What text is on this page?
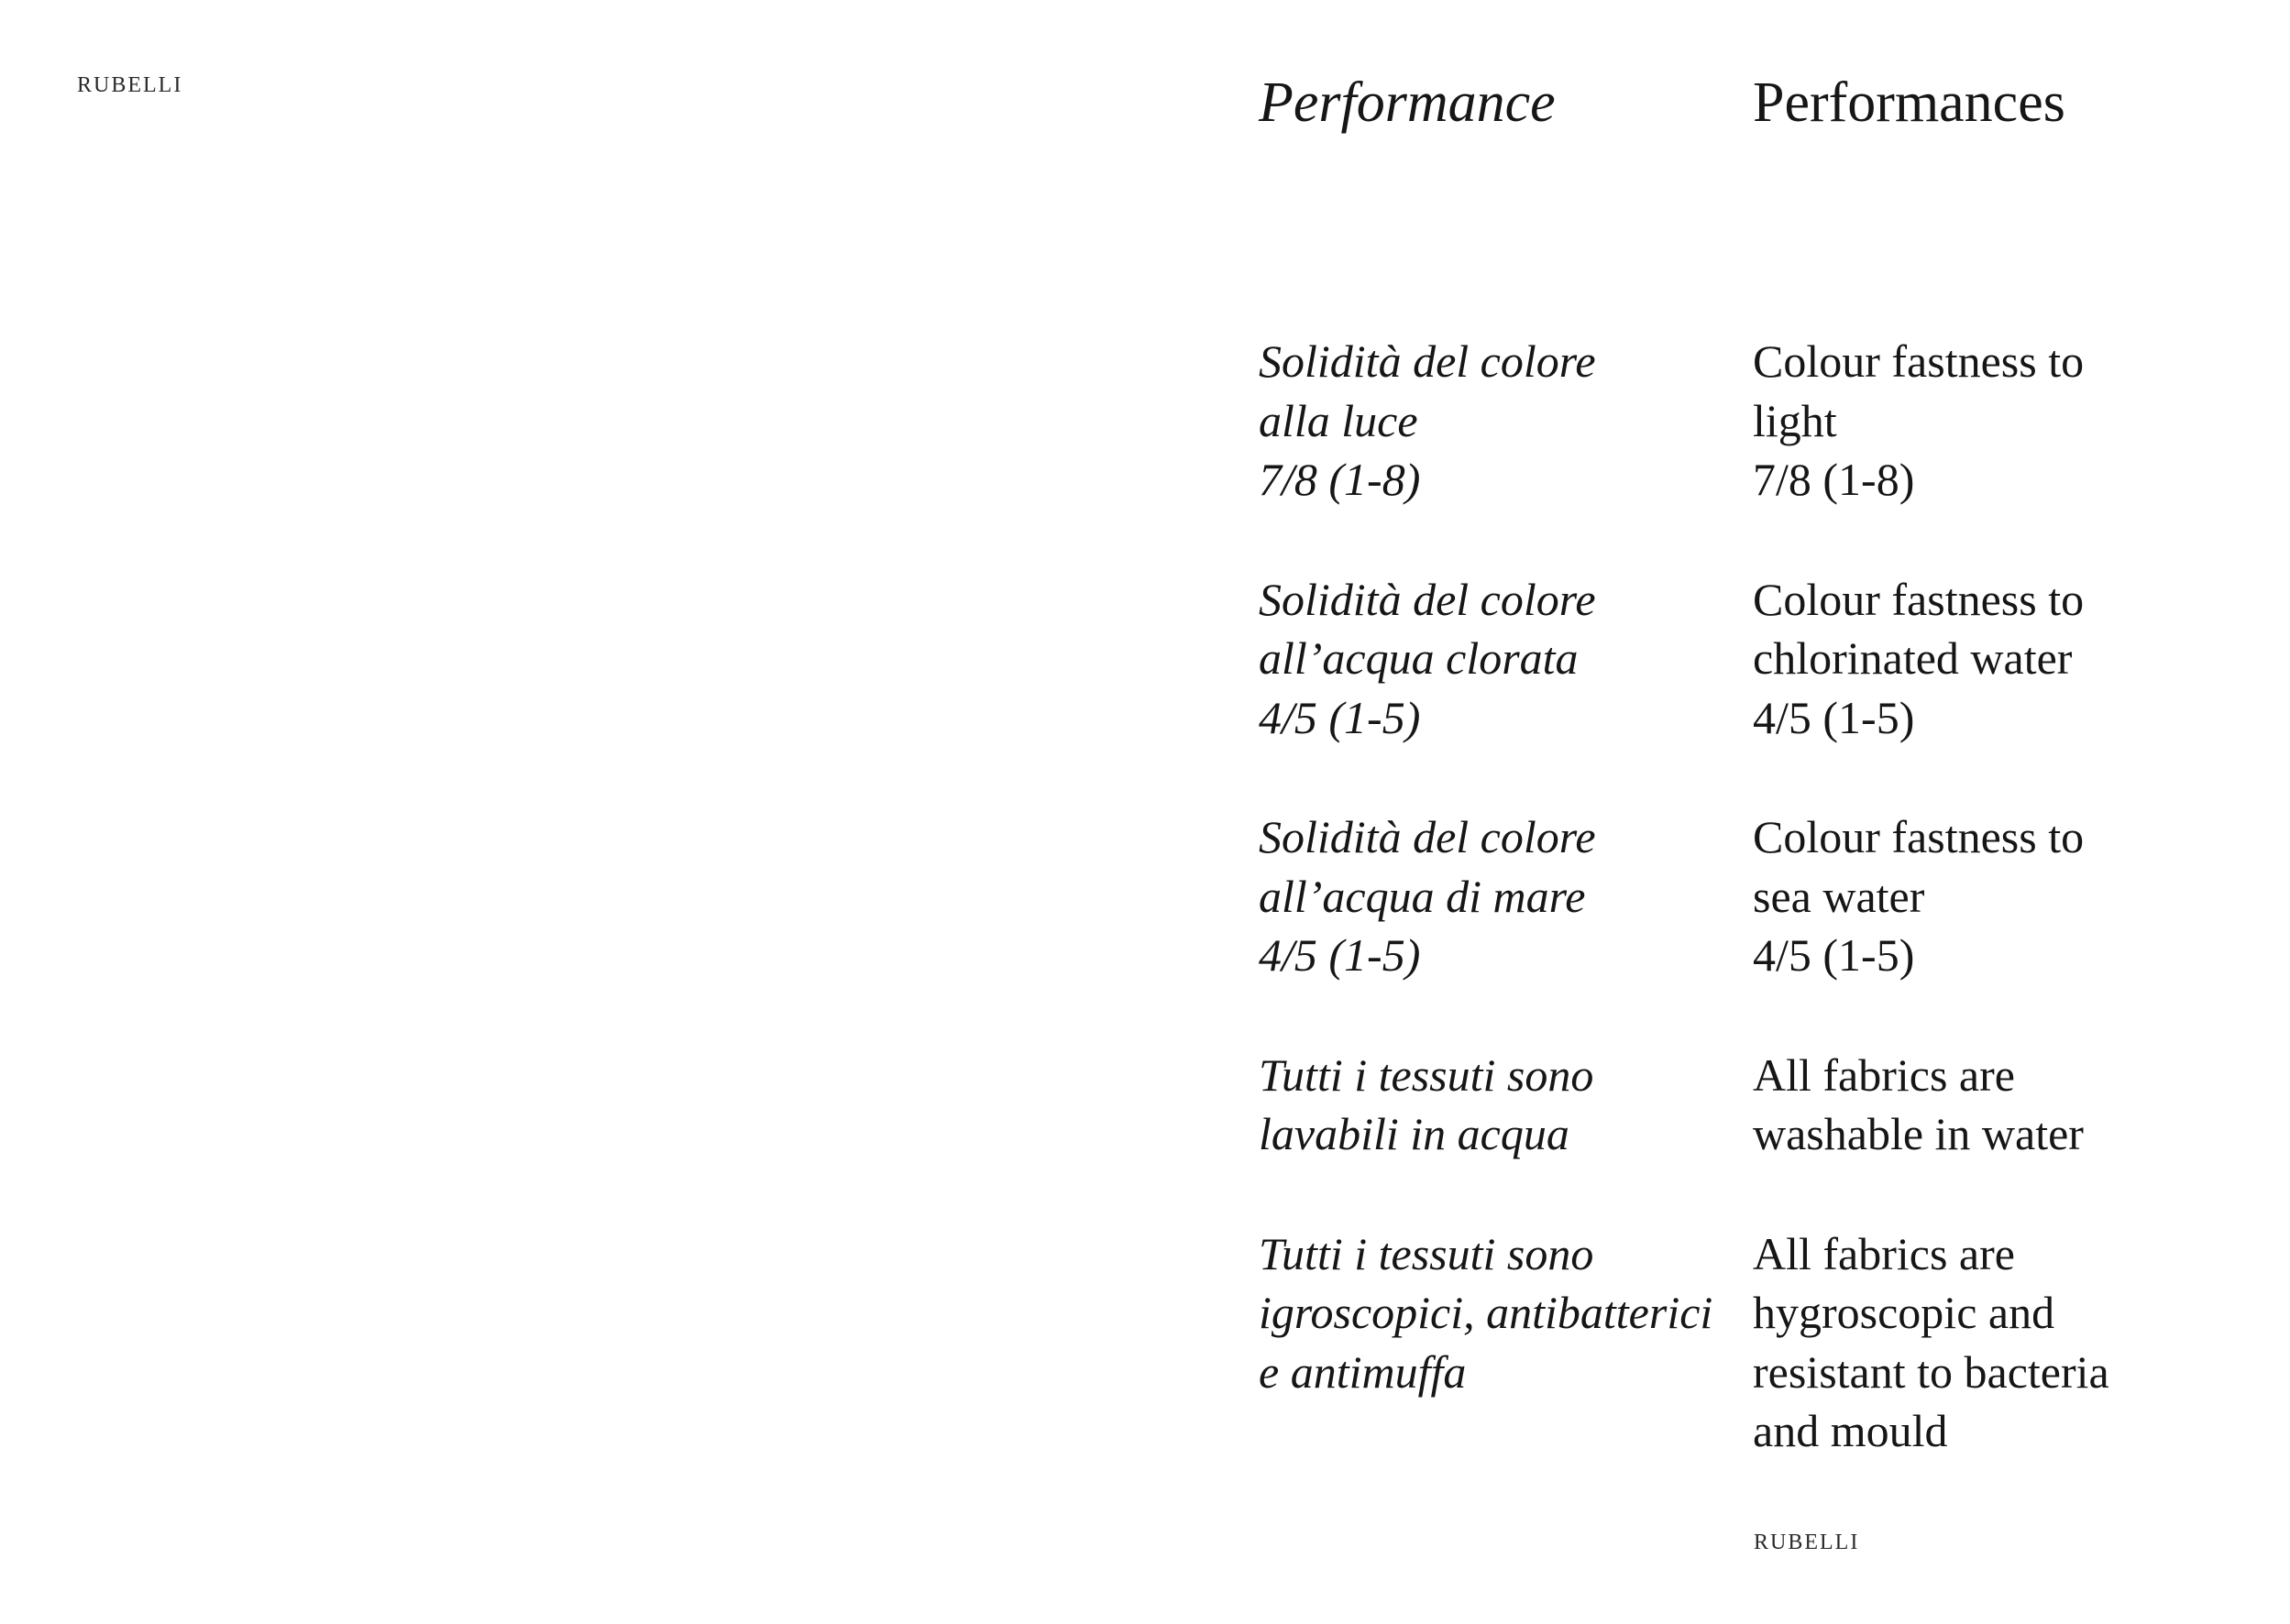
RUBELLI	Performance

Solidità del colore
alla luce
7/8 (1-8)

Solidità del colore
all’acqua clorata
4/5 (1-5)

Solidità del colore
all’acqua di mare
4/5 (1-5)

Tutti i tessuti sono
lavabili in acqua

Tutti i tessuti sono
igroscopici, antibatterici
e antimuffa

Performances

Colour fastness to
light
7/8 (1-8)

Colour fastness to
chlorinated water
4/5 (1-5)

Colour fastness to
sea water
4/5 (1-5)

All fabrics are
washable in water

All fabrics are
hygroscopic and
resistant to bacteria
and mould

RUBELLI
